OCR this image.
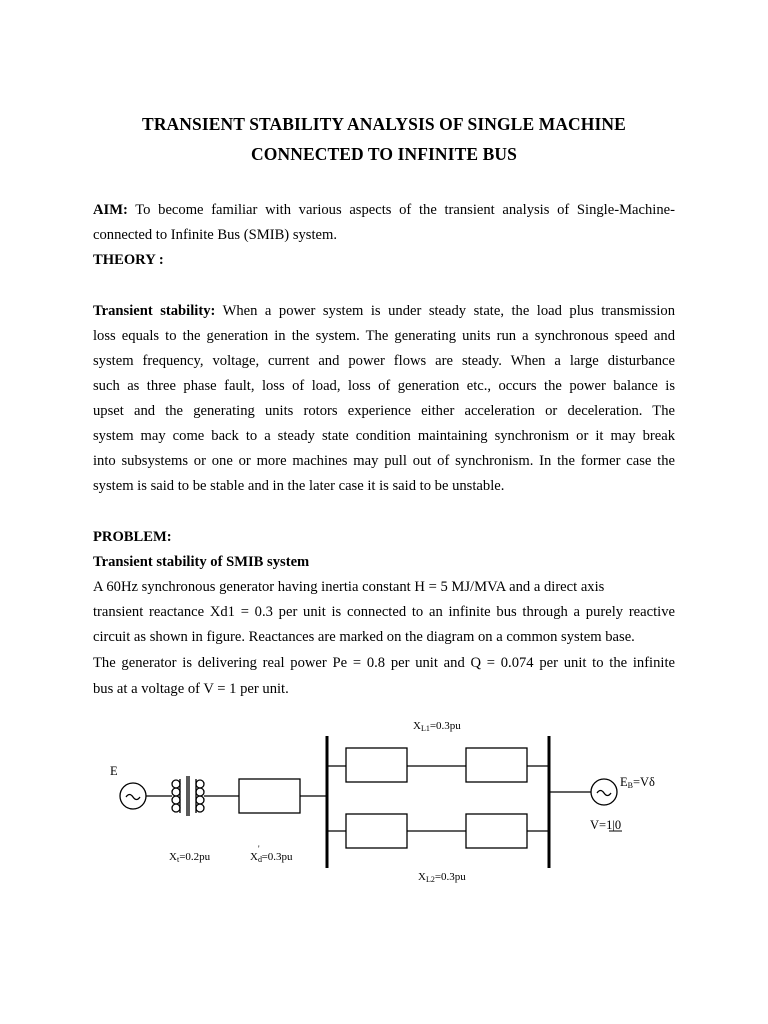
TRANSIENT STABILITY ANALYSIS OF SINGLE MACHINE
CONNECTED TO INFINITE BUS
AIM: To become familiar with various aspects of the transient analysis of Single-Machine-
connected to Infinite Bus (SMIB) system.
THEORY :
Transient stability: When a power system is under steady state, the load plus transmission
loss equals to the generation in the system. The generating units run a synchronous speed and
system frequency, voltage, current and power flows are steady. When a large disturbance
such as three phase fault, loss of load, loss of generation etc., occurs the power balance is
upset and the generating units rotors experience either acceleration or deceleration. The
system may come back to a steady state condition maintaining synchronism or it may break
into subsystems or one or more machines may pull out of synchronism. In the former case the
system is said to be stable and in the later case it is said to be unstable.
PROBLEM:
Transient stability of SMIB system
A 60Hz synchronous generator having inertia constant H = 5 MJ/MVA and a direct axis
transient reactance Xd1 = 0.3 per unit is connected to an infinite bus through a purely reactive
circuit as shown in figure. Reactances are marked on the diagram on a common system base.
The generator is delivering real power Pe = 0.8 per unit and Q = 0.074 per unit to the infinite
bus at a voltage of V = 1 per unit.
E
XL1=0.3pu
XL2=0.3pu
Xt=0.2pu	Xd'=0.3pu
EB=Vδ
V=1|0
